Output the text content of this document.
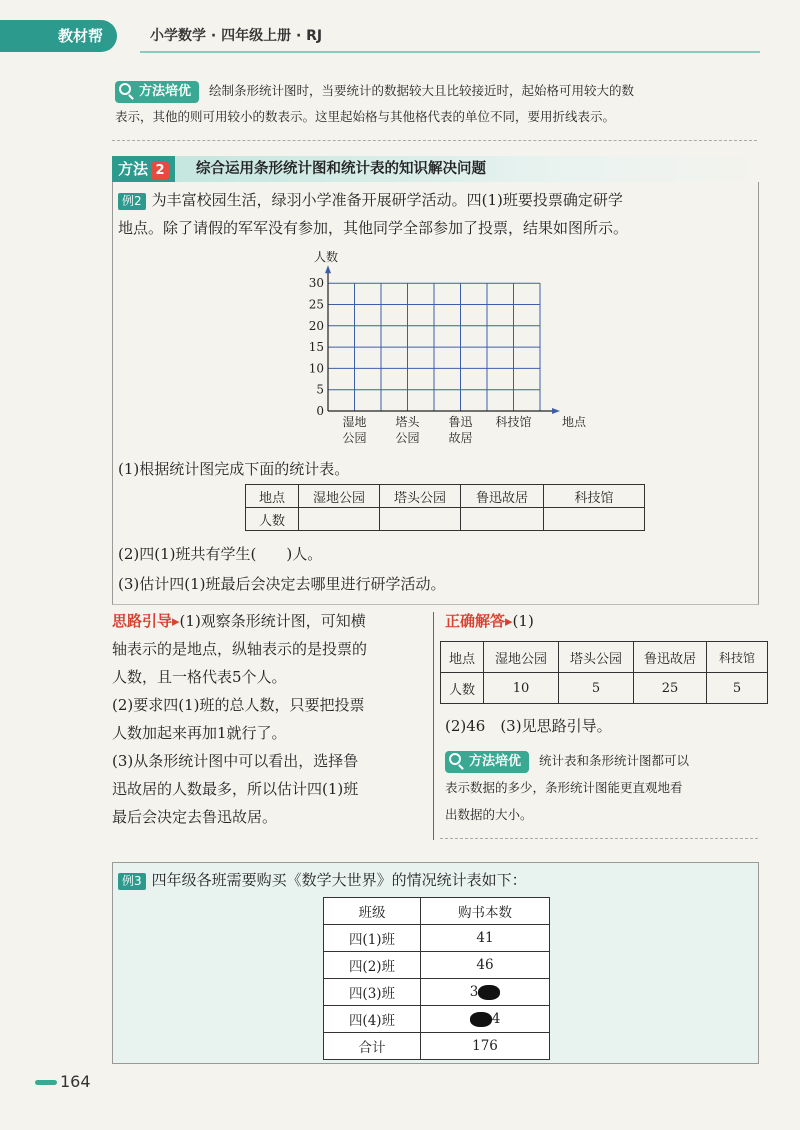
教材帮	小学数学 · 四年级上册 · RJ
方法培优 绘制条形统计图时，当要统计的数据较大且比较接近时，起始格可用较大的数
表示，其他的则可用较小的数表示。这里起始格与其他格代表的单位不同，要用折线表示。
方法 2	综合运用条形统计图和统计表的知识解决问题
例2 为丰富校园生活，绿羽小学准备开展研学活动。四(1)班要投票确定研学
地点。除了请假的军军没有参加，其他同学全部参加了投票，结果如图所示。
0
5
10
15
20
25
30
人数
地点
湿地
公园
塔头
公园
鲁迅
故居
科技馆
(1)根据统计图完成下面的统计表。
地点	湿地公园	塔头公园	鲁迅故居	科技馆
人数				
(2)四(1)班共有学生(　　)人。
(3)估计四(1)班最后会决定去哪里进行研学活动。
思路引导▸(1)观察条形统计图，可知横
轴表示的是地点，纵轴表示的是投票的
人数，且一格代表5个人。
(2)要求四(1)班的总人数，只要把投票
人数加起来再加1就行了。
(3)从条形统计图中可以看出，选择鲁
迅故居的人数最多，所以估计四(1)班
最后会决定去鲁迅故居。
正确解答▸(1)
地点	湿地公园	塔头公园	鲁迅故居	科技馆
人数	10	5	25	5
(2)46　(3)见思路引导。
方法培优 统计表和条形统计图都可以
表示数据的多少，条形统计图能更直观地看
出数据的大小。
例3 四年级各班需要购买《数学大世界》的情况统计表如下：
班级	购书本数
四(1)班	41
四(2)班	46
四(3)班	3
四(4)班	4
合计	176
164
